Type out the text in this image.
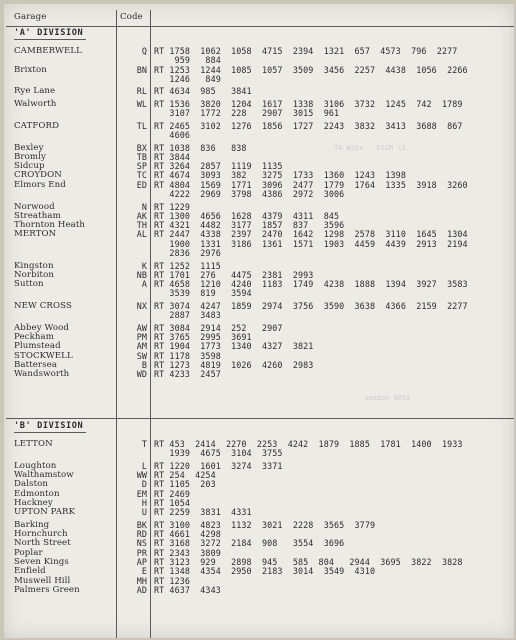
1/ M2S3   sdiW AT
1958 nobnoL
Garage	Code
'A' DIVISION
CAMBERWELL	Q RT 1758  1062  1058  4715  2394  1321  657  4573  796  2277
959   884
Brixton	BN RT 1253  1244  1085  1057  3509  3456  2257  4438  1056  2266
1246   849
Rye Lane	RL RT 4634  985   3841
Walworth	WL RT 1536  3820  1204  1617  1338  3106  3732  1245  742  1789
3107  1772  228   2907  3015  961
CATFORD	TL RT 2465  3102  1276  1856  1727  2243  3832  3413  3688  867
4606
Bexley	BX RT 1038  836   838
Bromly	TB RT 3844
Sidcup	SP RT 3264  2857  1119  1135
CROYDON	TC RT 4674  3093  382   3275  1733  1360  1243  1398
Elmors End	ED RT 4804  1569  1771  3096  2477  1779  1764  1335  3918  3260
4222  2969  3798  4386  2972  3006
Norwood	N RT 1229
Streatham	AK RT 1300  4656  1628  4379  4311  845
Thornton Heath	TH RT 4321  4482  3177  1857  837   3596
MERTON	AL RT 2447  4338  2397  2470  1642  1298  2578  3110  1645  1304
1900  1331  3186  1361  1571  1903  4459  4439  2913  2194
2836  2976
Kingston	K RT 1252  1115
Norbiton	NB RT 1701  276   4475  2381  2993
Sutton	A RT 4658  1210  4240  1183  1749  4238  1888  1394  3927  3583
3539  819   3594
NEW CROSS	NX RT 3074  4247  1859  2974  3756  3590  3638  4366  2159  2277
2887  3483
Abbey Wood	AW RT 3084  2914  252   2907
Peckham	PM RT 3765  2995  3691
Plumstead	AM RT 1904  1773  1340  4327  3821
STOCKWELL	SW RT 1178  3598
Battersea	B RT 1273  4819  1026  4260  2983
Wandsworth	WD RT 4233  2457
'B' DIVISION
LETTON	T RT 453  2414  2270  2253  4242  1879  1885  1781  1400  1933
1939  4675  3104  3755
Loughton	L RT 1220  1601  3274  3371
Walthamstow	WW RT 254  4254
Dalston	D RT 1105  203
Edmonton	EM RT 2469
Hackney	H RT 1054
UPTON PARK	U RT 2259  3831  4331
Barking	BK RT 3100  4823  1132  3021  2228  3565  3779
Hornchurch	RD RT 4661  4298
North Street	NS RT 3168  3272  2184  908   3554  3696
Poplar	PR RT 2343  3809
Seven Kings	AP RT 3123  929   2898  945   585  804   2944  3695  3822  3828
Enfield	E RT 1348  4354  2950  2183  3014  3549  4310
Muswell Hill	MH RT 1236
Palmers Green	AD RT 4637  4343
